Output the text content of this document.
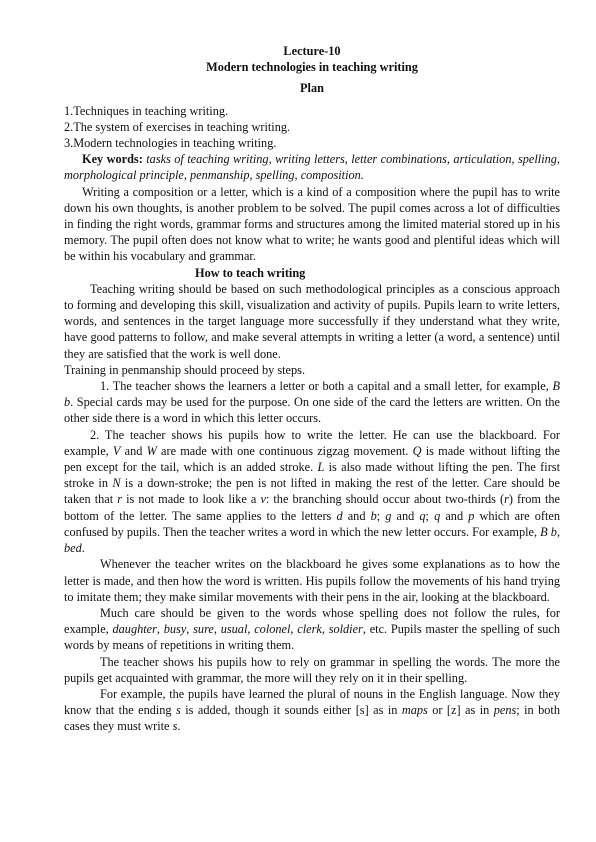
Lecture-10
Modern technologies in teaching writing
Plan
1.Techniques in teaching writing.
2.The system of exercises in teaching writing.
3.Modern technologies in teaching writing.

Key words: tasks of teaching writing, writing letters, letter combinations, articulation, spelling, morphological principle, penmanship, spelling, composition.

Writing a composition or a letter, which is a kind of a composition where the pupil has to write down his own thoughts, is another problem to be solved. The pupil comes across a lot of difficulties in finding the right words, grammar forms and structures among the limited material stored up in his memory. The pupil often does not know what to write; he wants good and plentiful ideas which will be within his vocabulary and grammar.

How to teach writing

Teaching writing should be based on such methodological principles as a conscious approach to forming and developing this skill, visualization and activity of pupils. Pupils learn to write letters, words, and sentences in the target language more successfully if they understand what they write, have good patterns to follow, and make several attempts in writing a letter (a word, a sentence) until they are satisfied that the work is well done.

Training in penmanship should proceed by steps.

1. The teacher shows the learners a letter or both a capital and a small letter, for example, B b. Special cards may be used for the purpose. On one side of the card the letters are written. On the other side there is a word in which this letter occurs.

2. The teacher shows his pupils how to write the letter. He can use the blackboard. For example, V and W are made with one continuous zigzag movement. Q is made without lifting the pen except for the tail, which is an added stroke. L is also made without lifting the pen. The first stroke in N is a down-stroke; the pen is not lifted in making the rest of the letter. Care should be taken that r is not made to look like a v: the branching should occur about two-thirds (r) from the bottom of the letter. The same applies to the letters d and b; g and q; q and p which are often confused by pupils. Then the teacher writes a word in which the new letter occurs. For example, B b, bed.

Whenever the teacher writes on the blackboard he gives some explanations as to how the letter is made, and then how the word is written. His pupils follow the movements of his hand trying to imitate them; they make similar movements with their pens in the air, looking at the blackboard.

Much care should be given to the words whose spelling does not follow the rules, for example, daughter, busy, sure, usual, colonel, clerk, soldier, etc. Pupils master the spelling of such words by means of repetitions in writing them.

The teacher shows his pupils how to rely on grammar in spelling the words. The more the pupils get acquainted with grammar, the more will they rely on it in their spelling.

For example, the pupils have learned the plural of nouns in the English language. Now they know that the ending s is added, though it sounds either [s] as in maps or [z] as in pens; in both cases they must write s.
